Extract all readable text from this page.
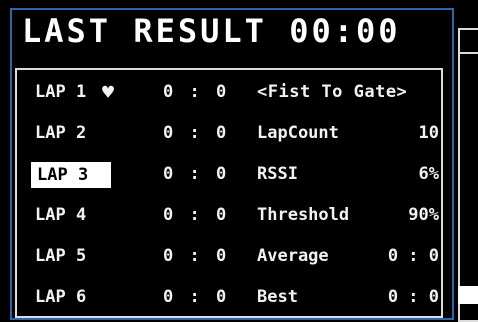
LAST RESULT 00:00
LAP 1 ♥	0 : 0 <Fist To Gate>
LAP 2	0 : 0 LapCount	10
LAP 3	0 : 0 RSSI	6%
LAP 4	0 : 0 Threshold	90%
LAP 5	0 : 0 Average	0 : 0
LAP 6	0 : 0 Best	0 : 0
